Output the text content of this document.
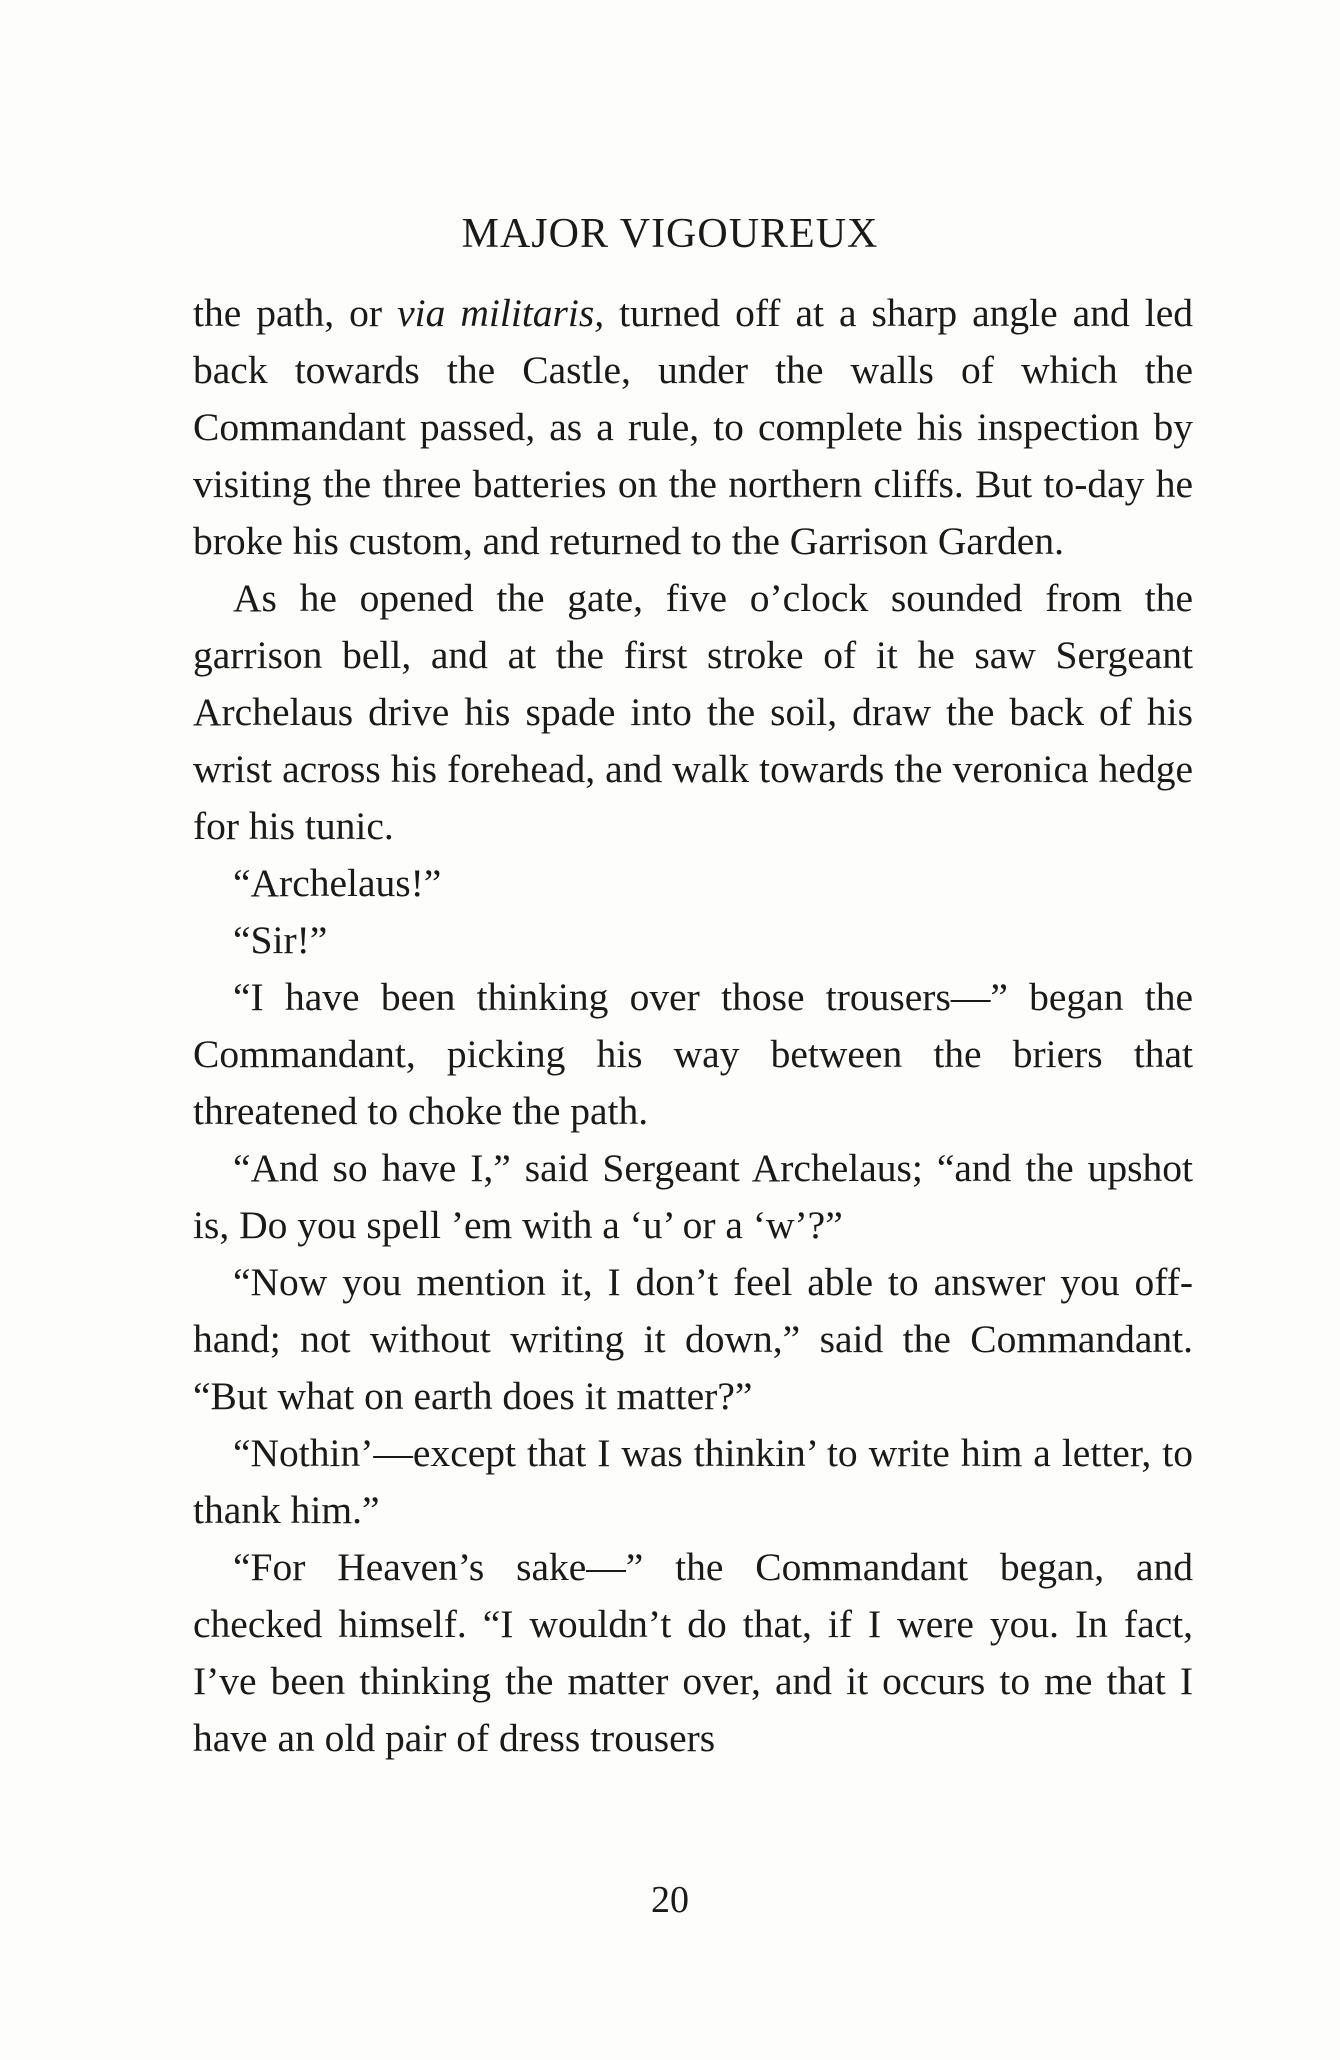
MAJOR VIGOUREUX

the path, or via militaris, turned off at a sharp angle and led back towards the Castle, under the walls of which the Commandant passed, as a rule, to complete his inspection by visiting the three batteries on the northern cliffs. But to-day he broke his custom, and returned to the Garrison Garden.

As he opened the gate, five o’clock sounded from the garrison bell, and at the first stroke of it he saw Sergeant Archelaus drive his spade into the soil, draw the back of his wrist across his forehead, and walk towards the veronica hedge for his tunic.

“Archelaus!”

“Sir!”

“I have been thinking over those trousers—” began the Commandant, picking his way between the briers that threatened to choke the path.

“And so have I,” said Sergeant Archelaus; “and the upshot is, Do you spell ’em with a ‘u’ or a ‘w’?”

“Now you mention it, I don’t feel able to answer you off-hand; not without writing it down,” said the Commandant. “But what on earth does it matter?”

“Nothin’—except that I was thinkin’ to write him a letter, to thank him.”

“For Heaven’s sake—” the Commandant began, and checked himself. “I wouldn’t do that, if I were you. In fact, I’ve been thinking the matter over, and it occurs to me that I have an old pair of dress trousers

20
